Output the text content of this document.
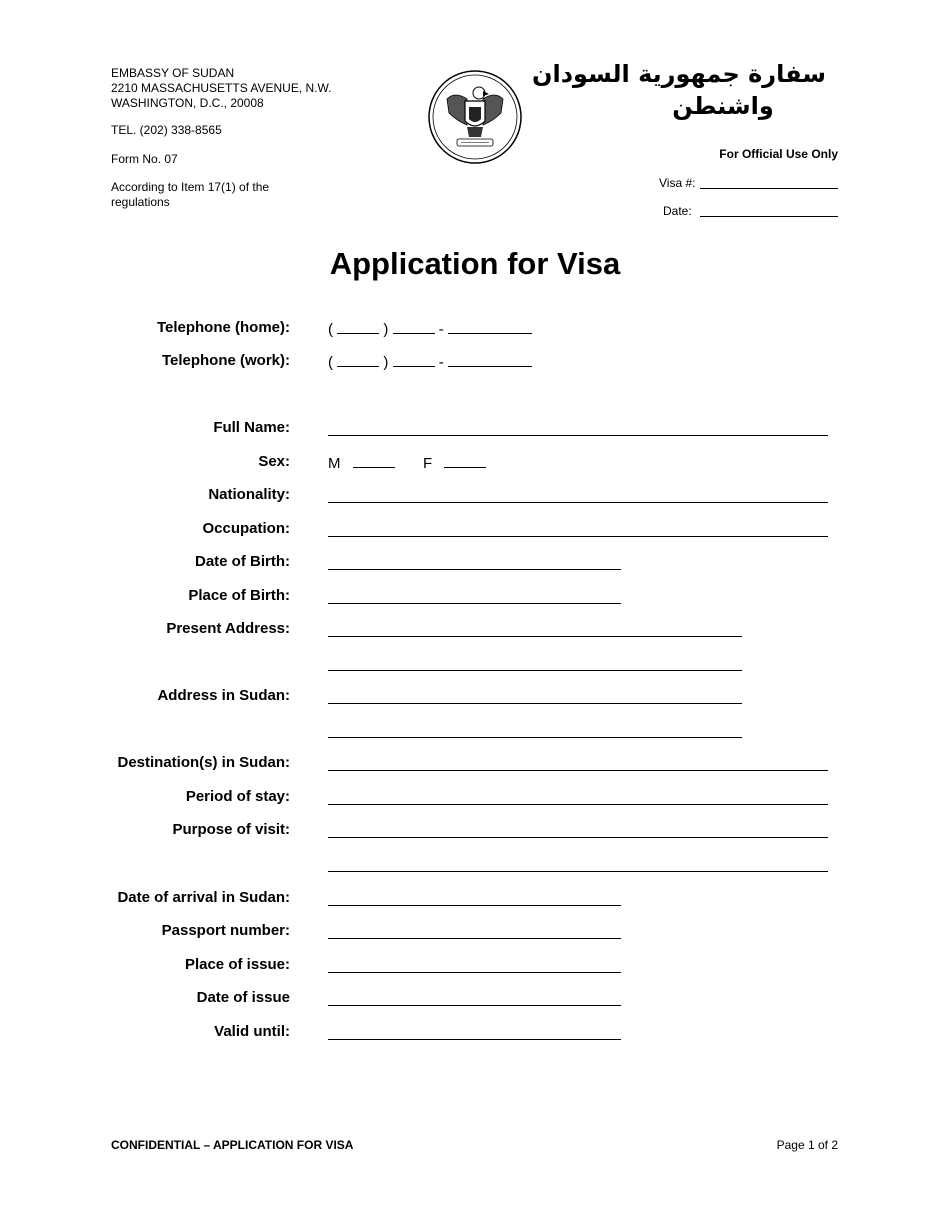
EMBASSY OF SUDAN
2210 MASSACHUSETTS AVENUE, N.W.
WASHINGTON, D.C., 20008
TEL. (202) 338-8565
Form No. 07
According to Item 17(1) of the
regulations
سفارة جمهورية السودان
واشنطن
For Official Use Only
Visa #:
Date:
Application for Visa
Telephone (home):	(	)	-
Telephone (work):	(	)	-
Full Name:
Sex:	M	F
Nationality:
Occupation:
Date of Birth:
Place of Birth:
Present Address:
Address in Sudan:
Destination(s) in Sudan:
Period of stay:
Purpose of visit:
Date of arrival in Sudan:
Passport number:
Place of issue:
Date of issue
Valid until:
CONFIDENTIAL – APPLICATION FOR VISA	Page 1 of 2
